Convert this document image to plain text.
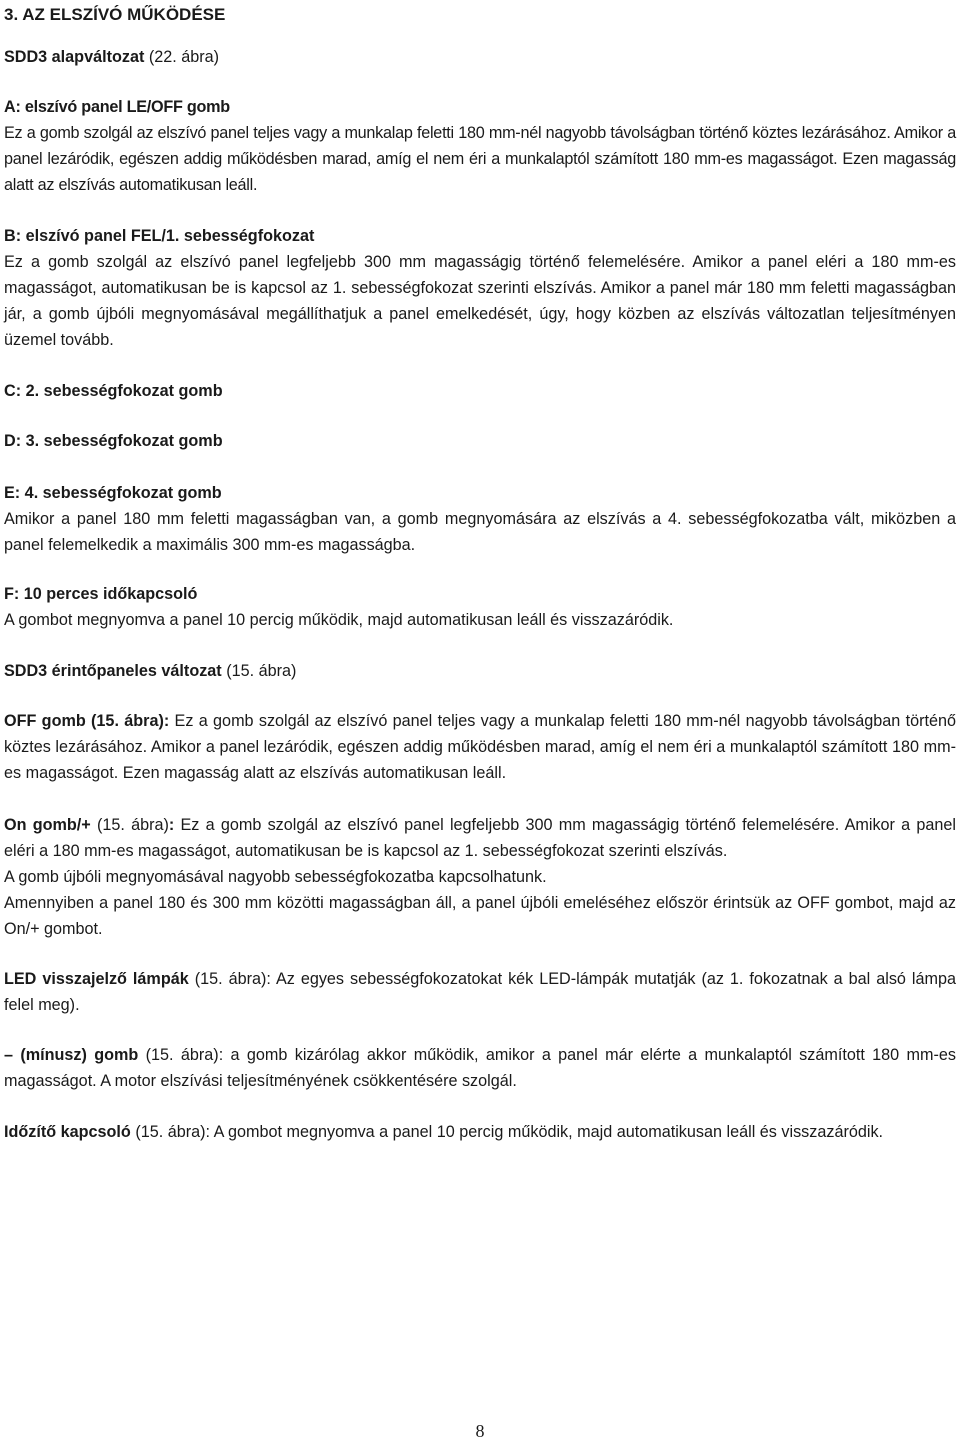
3. AZ ELSZÍVÓ MŰKÖDÉSE

SDD3 alapváltozat (22. ábra)

A: elszívó panel LE/OFF gomb

Ez a gomb szolgál az elszívó panel teljes vagy a munkalap feletti 180 mm-nél nagyobb távolságban történő köztes lezárásához. Amikor a panel lezáródik, egészen addig működésben marad, amíg el nem éri a munkalaptól számított 180 mm-es magasságot. Ezen magasság alatt az elszívás automatikusan leáll.

B: elszívó panel FEL/1. sebességfokozat

Ez a gomb szolgál az elszívó panel legfeljebb 300 mm magasságig történő felemelésére. Amikor a panel eléri a 180 mm-es magasságot, automatikusan be is kapcsol az 1. sebességfokozat szerinti elszívás. Amikor a panel már 180 mm feletti magasságban jár, a gomb újbóli megnyomásával megállíthatjuk a panel emelkedését, úgy, hogy közben az elszívás változatlan teljesítményen üzemel tovább.

C: 2. sebességfokozat gomb

D: 3. sebességfokozat gomb

E: 4. sebességfokozat gomb

Amikor a panel 180 mm feletti magasságban van, a gomb megnyomására az elszívás a 4. sebességfokozatba vált, miközben a panel felemelkedik a maximális 300 mm-es magasságba.

F: 10 perces időkapcsoló

A gombot megnyomva a panel 10 percig működik, majd automatikusan leáll és visszazáródik.

SDD3 érintőpaneles változat (15. ábra)

OFF gomb (15. ábra): Ez a gomb szolgál az elszívó panel teljes vagy a munkalap feletti 180 mm-nél nagyobb távolságban történő köztes lezárásához. Amikor a panel lezáródik, egészen addig működésben marad, amíg el nem éri a munkalaptól számított 180 mm-es magasságot. Ezen magasság alatt az elszívás automatikusan leáll.

On gomb/+ (15. ábra): Ez a gomb szolgál az elszívó panel legfeljebb 300 mm magasságig történő felemelésére. Amikor a panel eléri a 180 mm-es magasságot, automatikusan be is kapcsol az 1. sebességfokozat szerinti elszívás.

A gomb újbóli megnyomásával nagyobb sebességfokozatba kapcsolhatunk.

Amennyiben a panel 180 és 300 mm közötti magasságban áll, a panel újbóli emeléséhez először érintsük az OFF gombot, majd az On/+ gombot.

LED visszajelző lámpák (15. ábra): Az egyes sebességfokozatokat kék LED-lámpák mutatják (az 1. fokozatnak a bal alsó lámpa felel meg).

– (mínusz) gomb (15. ábra): a gomb kizárólag akkor működik, amikor a panel már elérte a munkalaptól számított 180 mm-es magasságot. A motor elszívási teljesítményének csökkentésére szolgál.

Időzítő kapcsoló (15. ábra): A gombot megnyomva a panel 10 percig működik, majd automatikusan leáll és visszazáródik.

8
